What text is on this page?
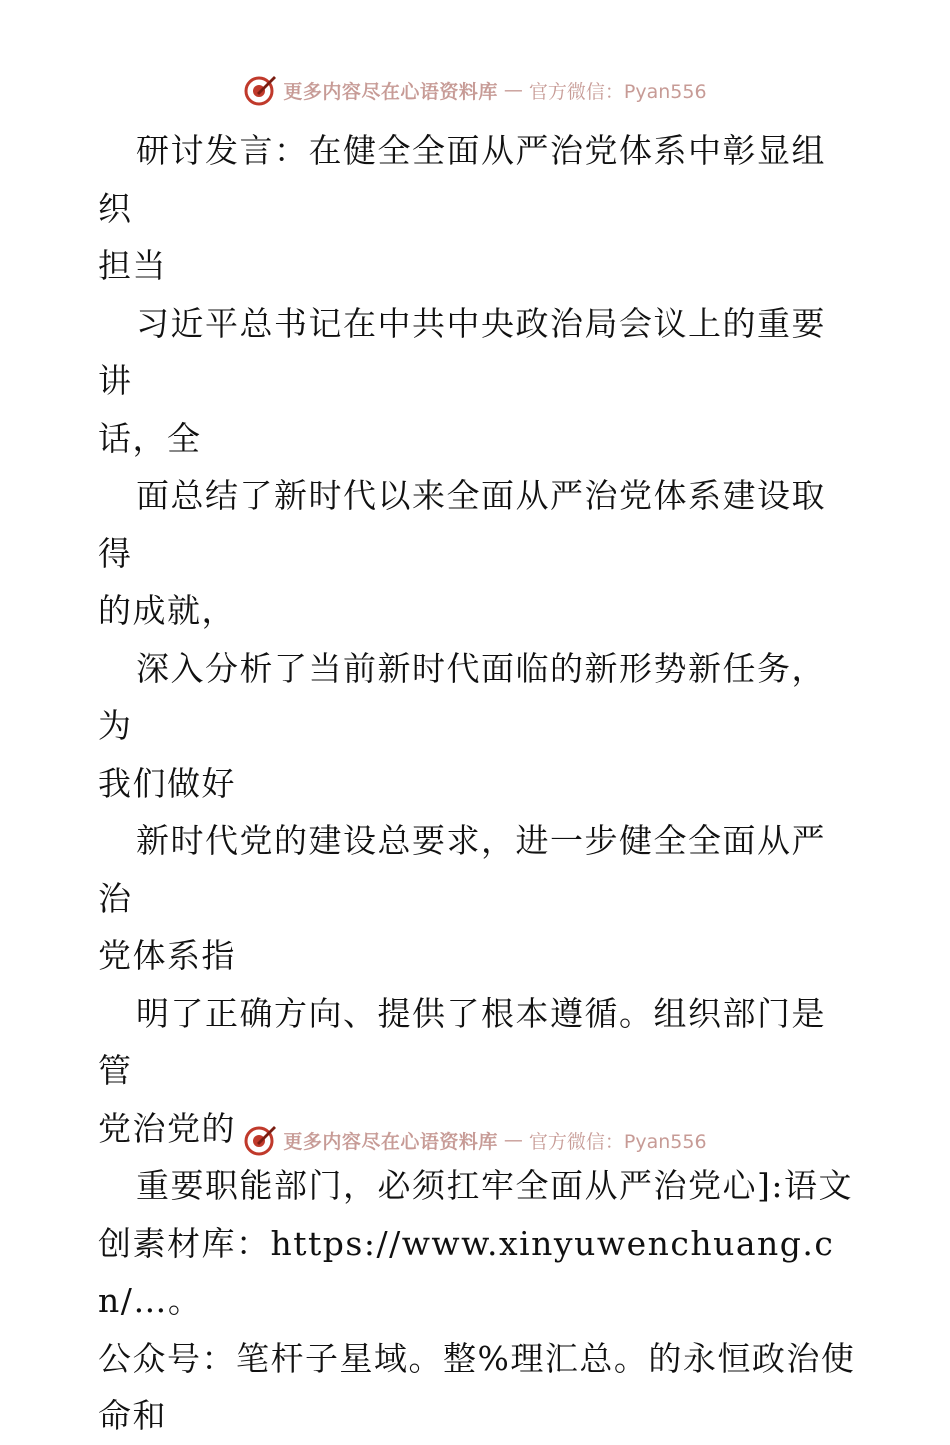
更多内容尽在心语资料库 — 官方微信：Pyan556

研讨发言：在健全全面从严治党体系中彰显组织

担当

习近平总书记在中共中央政治局会议上的重要讲

话，全

面总结了新时代以来全面从严治党体系建设取得

的成就，

深入分析了当前新时代面临的新形势新任务，为

我们做好

新时代党的建设总要求，进一步健全全面从严治

党体系指

明了正确方向、提供了根本遵循。组织部门是管

党治党的

重要职能部门，必须扛牢全面从严治党心]:语文

创素材库：https://www.xinyuwenchuang.cn/…。

公众号：笔杆子星域。整%理汇总。的永恒政治使

命和

更多内容尽在心语资料库 — 官方微信：Pyan556
